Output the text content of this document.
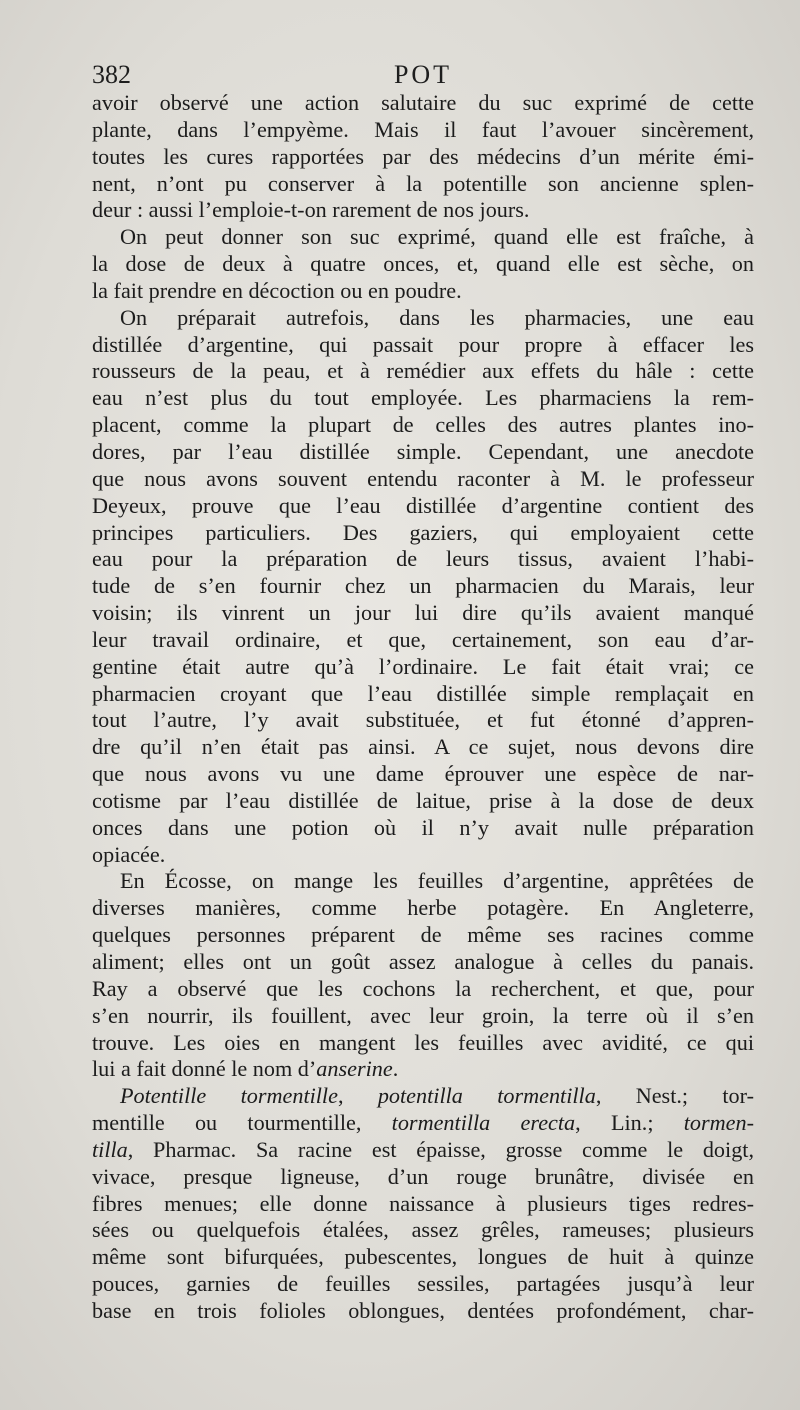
382	POT
avoir observé une action salutaire du suc exprimé de cette
plante, dans l’empyème. Mais il faut l’avouer sincèrement,
toutes les cures rapportées par des médecins d’un mérite émi-
nent, n’ont pu conserver à la potentille son ancienne splen-
deur : aussi l’emploie-t-on rarement de nos jours.
On peut donner son suc exprimé, quand elle est fraîche, à
la dose de deux à quatre onces, et, quand elle est sèche, on
la fait prendre en décoction ou en poudre.
On préparait autrefois, dans les pharmacies, une eau
distillée d’argentine, qui passait pour propre à effacer les
rousseurs de la peau, et à remédier aux effets du hâle : cette
eau n’est plus du tout employée. Les pharmaciens la rem-
placent, comme la plupart de celles des autres plantes ino-
dores, par l’eau distillée simple. Cependant, une anecdote
que nous avons souvent entendu raconter à M. le professeur
Deyeux, prouve que l’eau distillée d’argentine contient des
principes particuliers. Des gaziers, qui employaient cette
eau pour la préparation de leurs tissus, avaient l’habi-
tude de s’en fournir chez un pharmacien du Marais, leur
voisin; ils vinrent un jour lui dire qu’ils avaient manqué
leur travail ordinaire, et que, certainement, son eau d’ar-
gentine était autre qu’à l’ordinaire. Le fait était vrai; ce
pharmacien croyant que l’eau distillée simple remplaçait en
tout l’autre, l’y avait substituée, et fut étonné d’appren-
dre qu’il n’en était pas ainsi. A ce sujet, nous devons dire
que nous avons vu une dame éprouver une espèce de nar-
cotisme par l’eau distillée de laitue, prise à la dose de deux
onces dans une potion où il n’y avait nulle préparation
opiacée.
En Écosse, on mange les feuilles d’argentine, apprêtées de
diverses manières, comme herbe potagère. En Angleterre,
quelques personnes préparent de même ses racines comme
aliment; elles ont un goût assez analogue à celles du panais.
Ray a observé que les cochons la recherchent, et que, pour
s’en nourrir, ils fouillent, avec leur groin, la terre où il s’en
trouve. Les oies en mangent les feuilles avec avidité, ce qui
lui a fait donné le nom d’anserine.
Potentille tormentille, potentilla tormentilla, Nest.; tor-
mentille ou tourmentille, tormentilla erecta, Lin.; tormen-
tilla, Pharmac. Sa racine est épaisse, grosse comme le doigt,
vivace, presque ligneuse, d’un rouge brunâtre, divisée en
fibres menues; elle donne naissance à plusieurs tiges redres-
sées ou quelquefois étalées, assez grêles, rameuses; plusieurs
même sont bifurquées, pubescentes, longues de huit à quinze
pouces, garnies de feuilles sessiles, partagées jusqu’à leur
base en trois folioles oblongues, dentées profondément, char-
